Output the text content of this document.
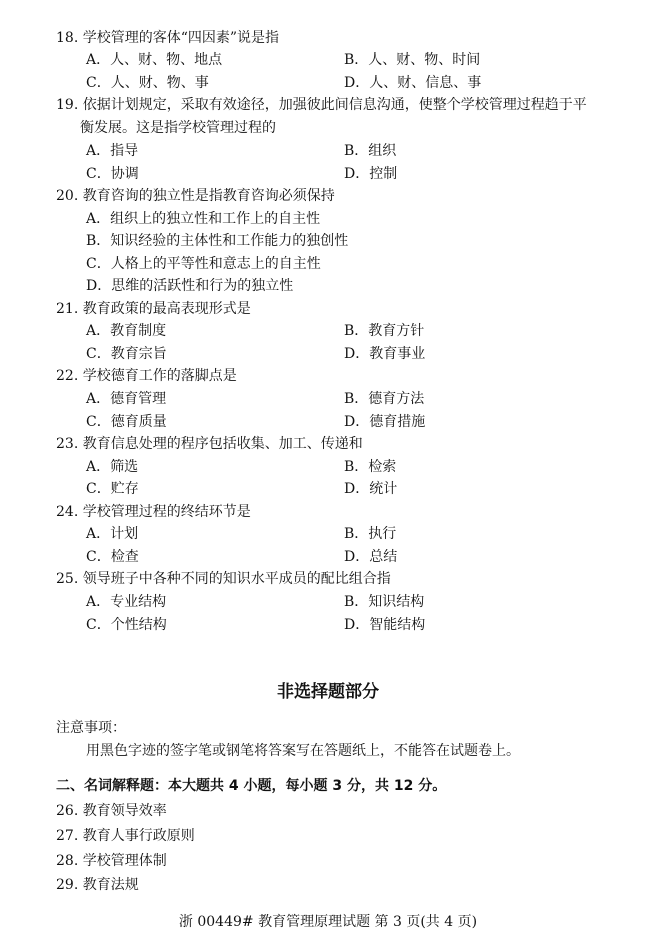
18. 学校管理的客体“四因素”说是指
A．人、财、物、地点	B．人、财、物、时间
C．人、财、物、事	D．人、财、信息、事
19. 依据计划规定，采取有效途径，加强彼此间信息沟通，使整个学校管理过程趋于平
衡发展。这是指学校管理过程的
A．指导	B．组织
C．协调	D．控制
20. 教育咨询的独立性是指教育咨询必须保持
A．组织上的独立性和工作上的自主性
B．知识经验的主体性和工作能力的独创性
C．人格上的平等性和意志上的自主性
D．思维的活跃性和行为的独立性
21. 教育政策的最高表现形式是
A．教育制度	B．教育方针
C．教育宗旨	D．教育事业
22. 学校德育工作的落脚点是
A．德育管理	B．德育方法
C．德育质量	D．德育措施
23. 教育信息处理的程序包括收集、加工、传递和
A．筛选	B．检索
C．贮存	D．统计
24. 学校管理过程的终结环节是
A．计划	B．执行
C．检查	D．总结
25. 领导班子中各种不同的知识水平成员的配比组合指
A．专业结构	B．知识结构
C．个性结构	D．智能结构
非选择题部分
注意事项：
用黑色字迹的签字笔或钢笔将答案写在答题纸上，不能答在试题卷上。
二、名词解释题：本大题共 4 小题，每小题 3 分，共 12 分。
26. 教育领导效率
27. 教育人事行政原则
28. 学校管理体制
29. 教育法规
浙 00449# 教育管理原理试题 第 3 页(共 4 页)
